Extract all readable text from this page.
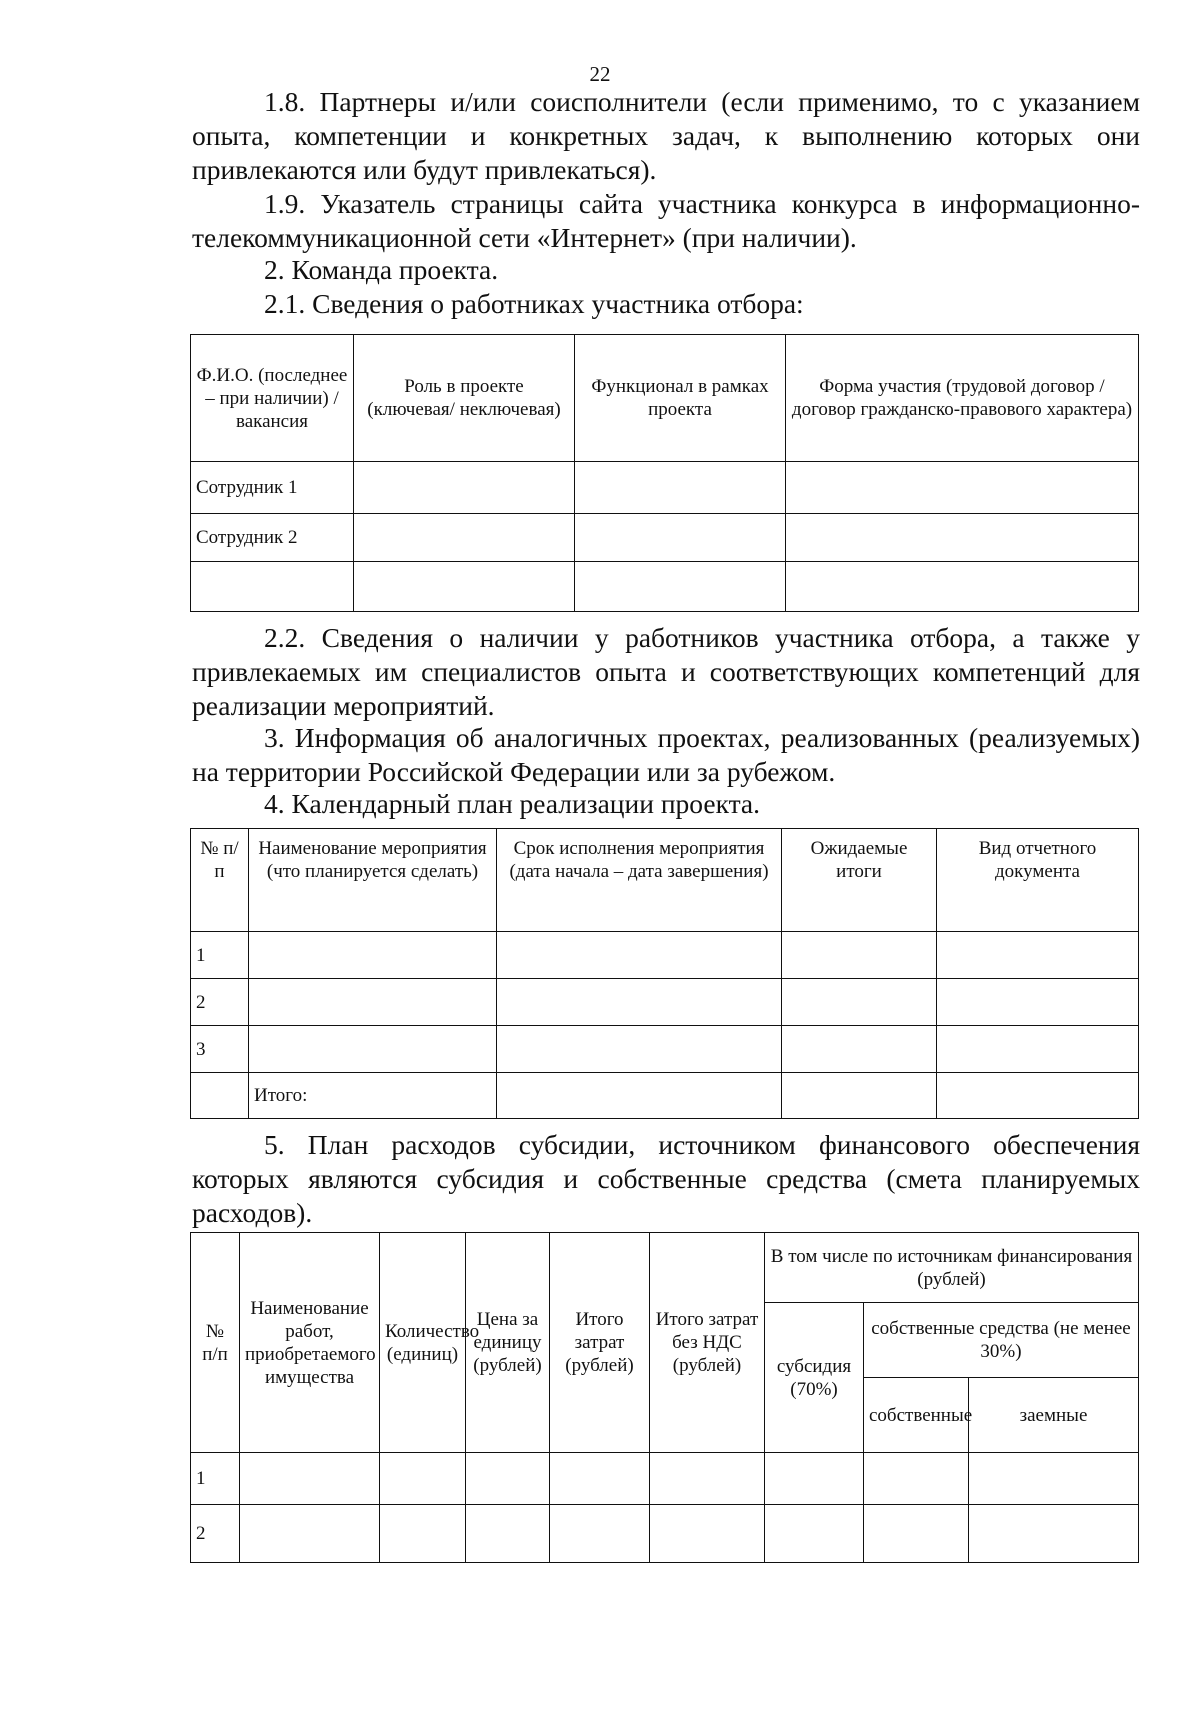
22

1.8. Партнеры и/или соисполнители (если применимо, то с указанием опыта, компетенции и конкретных задач, к выполнению которых они привлекаются или будут привлекаться).

1.9. Указатель страницы сайта участника конкурса в информационно-телекоммуникационной сети «Интернет» (при наличии).

2. Команда проекта.

2.1. Сведения о работниках участника отбора:

Ф.И.О. (последнее – при наличии) / вакансия	Роль в проекте (ключевая/ неключевая)	Функционал в рамках проекта	Форма участия (трудовой договор / договор гражданско-правового характера)
Сотрудник 1			
Сотрудник 2			

2.2. Сведения о наличии у работников участника отбора, а также у привлекаемых им специалистов опыта и соответствующих компетенций для реализации мероприятий.

3. Информация об аналогичных проектах, реализованных (реализуемых) на территории Российской Федерации или за рубежом.

4. Календарный план реализации проекта.

№ п/п	Наименование мероприятия (что планируется сделать)	Срок исполнения мероприятия (дата начала – дата завершения)	Ожидаемые итоги	Вид отчетного документа
1				
2				
3				
	Итого:			

5. План расходов субсидии, источником финансового обеспечения которых являются субсидия и собственные средства (смета планируемых расходов).

№ п/п	Наименование работ, приобретаемого имущества	Количество (единиц)	Цена за единицу (рублей)	Итого затрат (рублей)	Итого затрат без НДС (рублей)	В том числе по источникам финансирования (рублей)		
						субсидия (70%)	собственные средства (не менее 30%)	
							собственные	заемные
1								
2								
